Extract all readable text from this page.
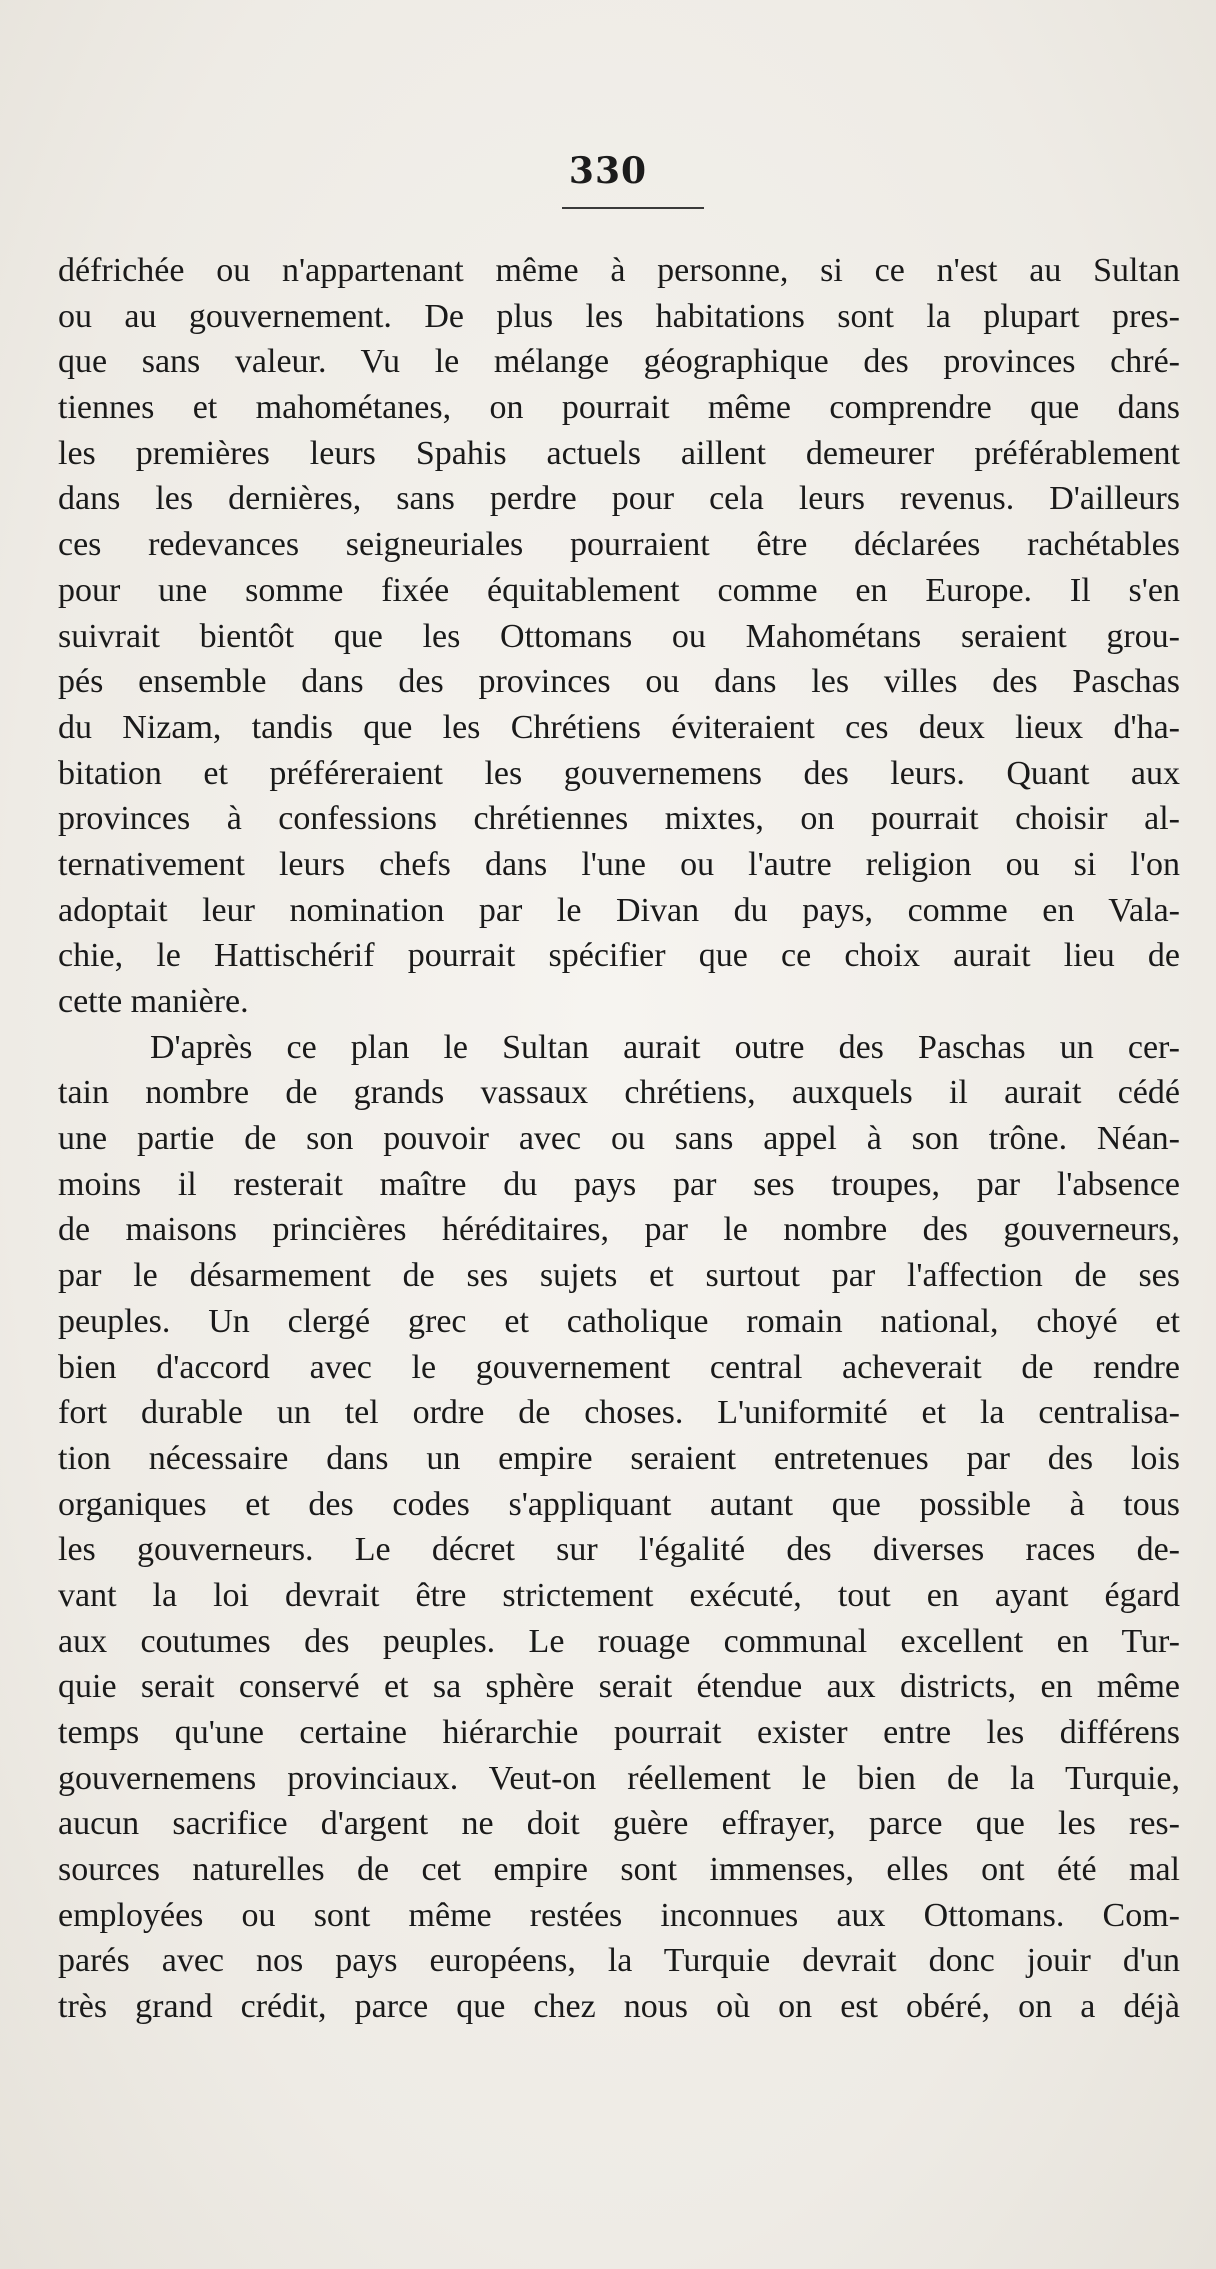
330
défrichée ou n'appartenant même à personne, si ce n'est au Sultan
ou au gouvernement. De plus les habitations sont la plupart pres-
que sans valeur. Vu le mélange géographique des provinces chré-
tiennes et mahométanes, on pourrait même comprendre que dans
les premières leurs Spahis actuels aillent demeurer préférablement
dans les dernières, sans perdre pour cela leurs revenus. D'ailleurs
ces redevances seigneuriales pourraient être déclarées rachétables
pour une somme fixée équitablement comme en Europe. Il s'en
suivrait bientôt que les Ottomans ou Mahométans seraient grou-
pés ensemble dans des provinces ou dans les villes des Paschas
du Nizam, tandis que les Chrétiens éviteraient ces deux lieux d'ha-
bitation et préféreraient les gouvernemens des leurs. Quant aux
provinces à confessions chrétiennes mixtes, on pourrait choisir al-
ternativement leurs chefs dans l'une ou l'autre religion ou si l'on
adoptait leur nomination par le Divan du pays, comme en Vala-
chie, le Hattischérif pourrait spécifier que ce choix aurait lieu de
cette manière.
D'après ce plan le Sultan aurait outre des Paschas un cer-
tain nombre de grands vassaux chrétiens, auxquels il aurait cédé
une partie de son pouvoir avec ou sans appel à son trône. Néan-
moins il resterait maître du pays par ses troupes, par l'absence
de maisons princières héréditaires, par le nombre des gouverneurs,
par le désarmement de ses sujets et surtout par l'affection de ses
peuples. Un clergé grec et catholique romain national, choyé et
bien d'accord avec le gouvernement central acheverait de rendre
fort durable un tel ordre de choses. L'uniformité et la centralisa-
tion nécessaire dans un empire seraient entretenues par des lois
organiques et des codes s'appliquant autant que possible à tous
les gouverneurs. Le décret sur l'égalité des diverses races de-
vant la loi devrait être strictement exécuté, tout en ayant égard
aux coutumes des peuples. Le rouage communal excellent en Tur-
quie serait conservé et sa sphère serait étendue aux districts, en même
temps qu'une certaine hiérarchie pourrait exister entre les différens
gouvernemens provinciaux. Veut-on réellement le bien de la Turquie,
aucun sacrifice d'argent ne doit guère effrayer, parce que les res-
sources naturelles de cet empire sont immenses, elles ont été mal
employées ou sont même restées inconnues aux Ottomans. Com-
parés avec nos pays européens, la Turquie devrait donc jouir d'un
très grand crédit, parce que chez nous où on est obéré, on a déjà
